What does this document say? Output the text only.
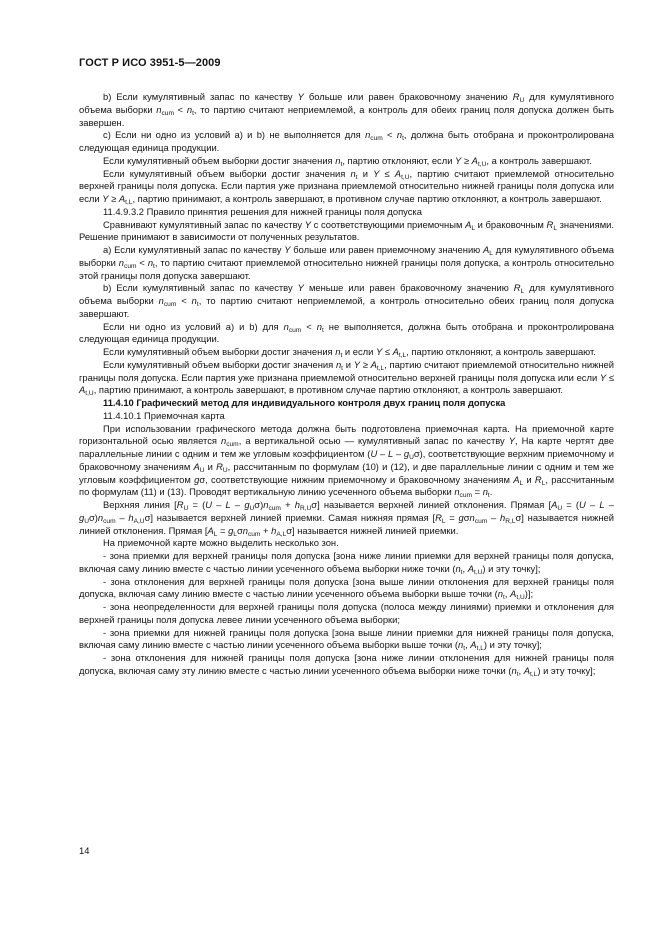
ГОСТ Р ИСО 3951-5—2009

b) Если кумулятивный запас по качеству Y больше или равен браковочному значению $R_U$ для кумулятивного объема выборки $n_{cum} < n_t$, то партию считают неприемлемой, а контроль для обеих границ поля допуска должен быть завершен.

c) Если ни одно из условий a) и b) не выполняется для $n_{cum} < n_t$, должна быть отобрана и проконтролирована следующая единица продукции.

Если кумулятивный объем выборки достиг значения $n_t$, партию отклоняют, если $Y \ge A_{t,U}$, а контроль завершают.

Если кумулятивный объем выборки достиг значения $n_t$ и $Y \le A_{t,U}$, партию считают приемлемой относительно верхней границы поля допуска. Если партия уже признана приемлемой относительно нижней границы поля допуска или если $Y \ge A_{t,L}$, партию принимают, а контроль завершают, в противном случае партию отклоняют, а контроль завершают.

11.4.9.3.2 Правило принятия решения для нижней границы поля допуска

Сравнивают кумулятивный запас по качеству Y с соответствующими приемочным $A_L$ и браковочным $R_L$ значениями. Решение принимают в зависимости от полученных результатов.

a) Если кумулятивный запас по качеству Y больше или равен приемочному значению $A_L$ для кумулятивного объема выборки $n_{cum} < n_t$, то партию считают приемлемой относительно нижней границы поля допуска, а контроль относительно этой границы поля допуска завершают.

b) Если кумулятивный запас по качеству Y меньше или равен браковочному значению $R_L$ для кумулятивного объема выборки $n_{cum} < n_t$, то партию считают неприемлемой, а контроль относительно обеих границ поля допуска завершают.

Если ни одно из условий a) и b) для $n_{cum} < n_t$ не выполняется, должна быть отобрана и проконтролирована следующая единица продукции.

Если кумулятивный объем выборки достиг значения $n_t$ и если $Y \le A_{t,L}$, партию отклоняют, а контроль завершают.

Если кумулятивный объем выборки достиг значения $n_t$ и $Y \ge A_{t,L}$, партию считают приемлемой относительно нижней границы поля допуска. Если партия уже признана приемлемой относительно верхней границы поля допуска или если $Y \le A_{t,U}$, партию принимают, а контроль завершают, в противном случае партию отклоняют, а контроль завершают.

11.4.10 Графический метод для индивидуального контроля двух границ поля допуска

11.4.10.1 Приемочная карта

При использовании графического метода должна быть подготовлена приемочная карта. На приемочной карте горизонтальной осью является $n_{cum}$, а вертикальной осью — кумулятивный запас по качеству Y, На карте чертят две параллельные линии с одним и тем же угловым коэффициентом (U – L – $g_U\sigma$), соответствующие верхним приемочному и браковочному значениям $A_U$ и $R_U$, рассчитанным по формулам (10) и (12), и две параллельные линии с одним и тем же угловым коэффициентом gσ, соответствующие нижним приемочному и браковочному значениям $A_L$ и $R_L$, рассчитанным по формулам (11) и (13). Проводят вертикальную линию усеченного объема выборки $n_{cum} = n_t$.

Верхняя линия $[R_U = (U - L - g_U\sigma)n_{cum} + h_{R,U}\sigma]$ называется верхней линией отклонения. Прямая $[A_U = (U - L - g_U\sigma)n_{cum} - h_{A,U}\sigma]$ называется верхней линией приемки. Самая нижняя прямая $[R_L = g\sigma n_{cum} - h_{R,L}\sigma]$ называется нижней линией отклонения. Прямая $[A_L = g_L\sigma n_{cum} + h_{A,L}\sigma]$ называется нижней линией приемки.

На приемочной карте можно выделить несколько зон.

- зона приемки для верхней границы поля допуска [зона ниже линии приемки для верхней границы поля допуска, включая саму линию вместе с частью линии усеченного объема выборки ниже точки ($n_t$, $A_{t,U}$) и эту точку];

- зона отклонения для верхней границы поля допуска [зона выше линии отклонения для верхней границы поля допуска, включая саму линию вместе с частью линии усеченного объема выборки выше точки ($n_t$, $A_{t,U}$)];

- зона неопределенности для верхней границы поля допуска (полоса между линиями) приемки и отклонения для верхней границы поля допуска левее линии усеченного объема выборки;

- зона приемки для нижней границы поля допуска [зона выше линии приемки для нижней границы поля допуска, включая саму линию вместе с частью линии усеченного объема выборки выше точки ($n_t$, $A_{t,L}$) и эту точку];

- зона отклонения для нижней границы поля допуска [зона ниже линии отклонения для нижней границы поля допуска, включая саму эту линию вместе с частью линии усеченного объема выборки ниже точки ($n_t$, $A_{t,L}$) и эту точку];

14
